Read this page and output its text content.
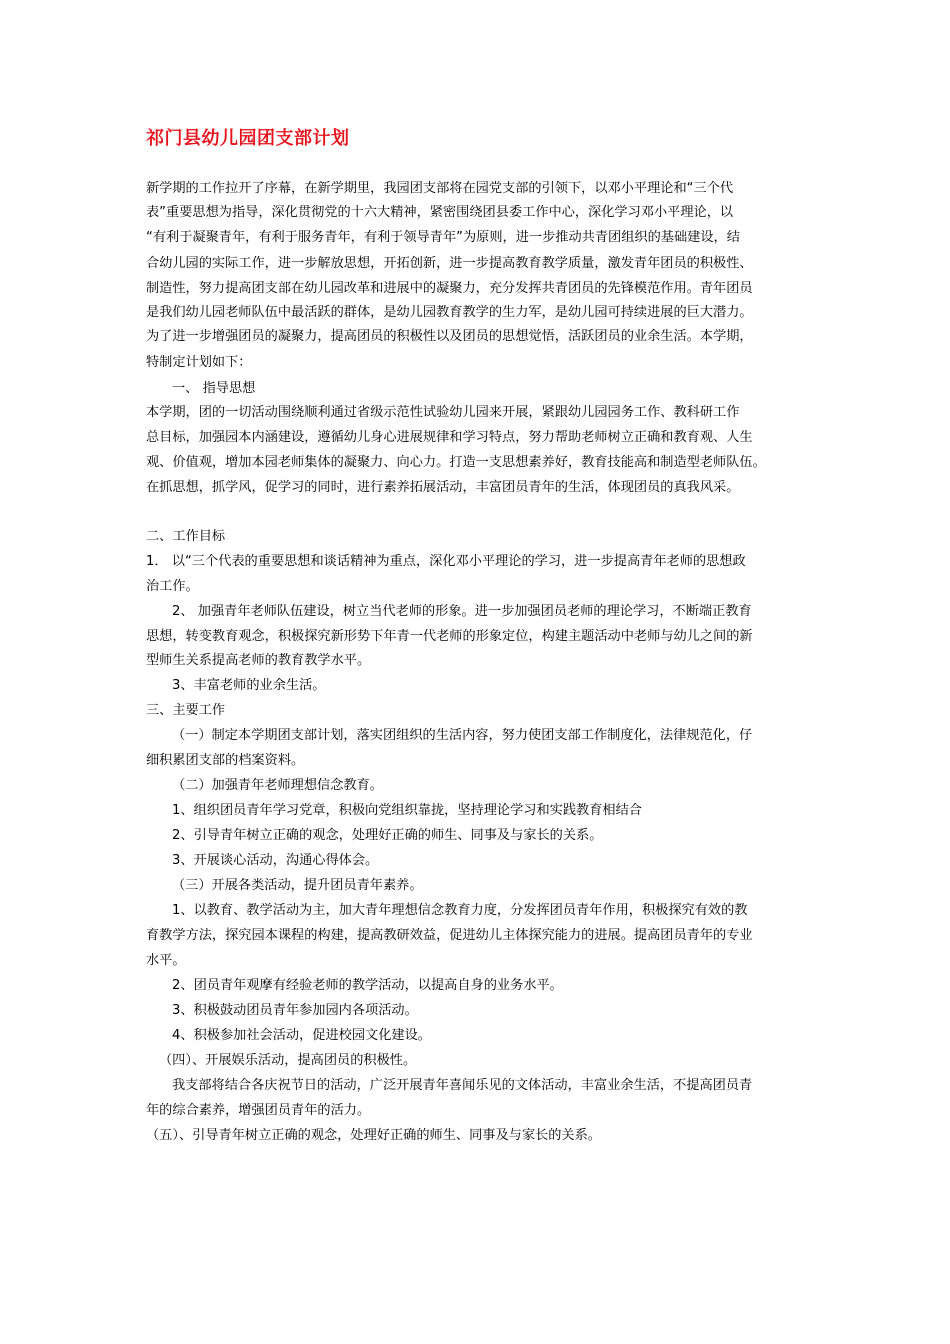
祁门县幼儿园团支部计划
新学期的工作拉开了序幕，在新学期里，我园团支部将在园党支部的引领下，以邓小平理论和“三个代
表”重要思想为指导，深化贯彻党的十六大精神，紧密围绕团县委工作中心，深化学习邓小平理论，以
“有利于凝聚青年，有利于服务青年，有利于领导青年”为原则，进一步推动共青团组织的基础建设，结
合幼儿园的实际工作，进一步解放思想，开拓创新，进一步提高教育教学质量，激发青年团员的积极性、
制造性，努力提高团支部在幼儿园改革和进展中的凝聚力，充分发挥共青团员的先锋模范作用。青年团员
是我们幼儿园老师队伍中最活跃的群体，是幼儿园教育教学的生力军，是幼儿园可持续进展的巨大潜力。
为了进一步增强团员的凝聚力，提高团员的积极性以及团员的思想觉悟，活跃团员的业余生活。本学期，
特制定计划如下：
一、 指导思想
本学期，团的一切活动围绕顺利通过省级示范性试验幼儿园来开展，紧跟幼儿园园务工作、教科研工作
总目标，加强园本内涵建设，遵循幼儿身心进展规律和学习特点，努力帮助老师树立正确和教育观、人生
观、价值观，增加本园老师集体的凝聚力、向心力。打造一支思想素养好，教育技能高和制造型老师队伍。
在抓思想，抓学风，促学习的同时，进行素养拓展活动，丰富团员青年的生活，体现团员的真我风采。
二、工作目标
1． 以“三个代表的重要思想和谈话精神为重点，深化邓小平理论的学习，进一步提高青年老师的思想政
治工作。
2、 加强青年老师队伍建设，树立当代老师的形象。进一步加强团员老师的理论学习，不断端正教育
思想，转变教育观念，积极探究新形势下年青一代老师的形象定位，构建主题活动中老师与幼儿之间的新
型师生关系提高老师的教育教学水平。
3、丰富老师的业余生活。
三、主要工作
（一）制定本学期团支部计划，落实团组织的生活内容，努力使团支部工作制度化，法律规范化，仔
细积累团支部的档案资料。
（二）加强青年老师理想信念教育。
1、组织团员青年学习党章，积极向党组织靠拢，坚持理论学习和实践教育相结合
2、引导青年树立正确的观念，处理好正确的师生、同事及与家长的关系。
3、开展谈心活动，沟通心得体会。
（三）开展各类活动，提升团员青年素养。
1、以教育、教学活动为主，加大青年理想信念教育力度，分发挥团员青年作用，积极探究有效的教
育教学方法，探究园本课程的构建，提高教研效益，促进幼儿主体探究能力的进展。提高团员青年的专业
水平。
2、团员青年观摩有经验老师的教学活动，以提高自身的业务水平。
3、积极鼓动团员青年参加园内各项活动。
4、积极参加社会活动，促进校园文化建设。
（四）、开展娱乐活动，提高团员的积极性。
我支部将结合各庆祝节日的活动，广泛开展青年喜闻乐见的文体活动，丰富业余生活，不提高团员青
年的综合素养，增强团员青年的活力。
（五）、引导青年树立正确的观念，处理好正确的师生、同事及与家长的关系。
